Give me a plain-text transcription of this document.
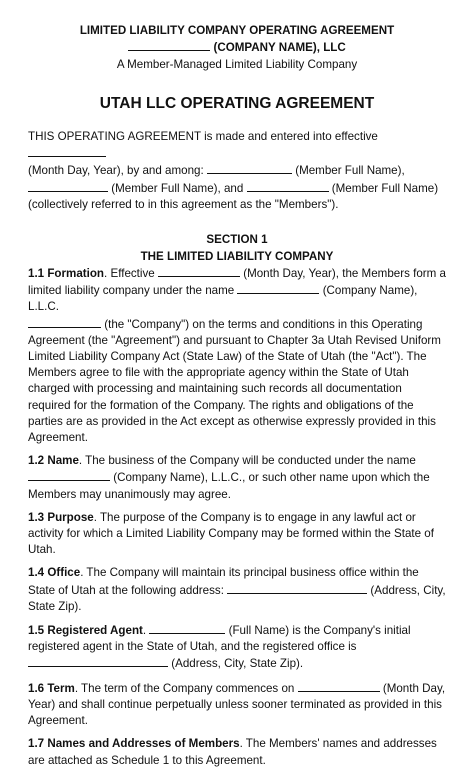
LIMITED LIABILITY COMPANY OPERATING AGREEMENT
(COMPANY NAME), LLC
A Member-Managed Limited Liability Company
UTAH LLC OPERATING AGREEMENT

THIS OPERATING AGREEMENT is made and entered into effective
(Month Day, Year), by and among:	(Member Full Name),
(Member Full Name), and	(Member Full Name)
(collectively referred to in this agreement as the "Members").

SECTION 1
THE LIMITED LIABILITY COMPANY

1.1 Formation. Effective	(Month Day, Year), the Members form a limited liability company under the name	(Company Name), L.L.C.
(the "Company") on the terms and conditions in this Operating Agreement (the "Agreement") and pursuant to Chapter 3a Utah Revised Uniform Limited Liability Company Act (State Law) of the State of Utah (the "Act"). The Members agree to file with the appropriate agency within the State of Utah charged with processing and maintaining such records all documentation required for the formation of the Company. The rights and obligations of the parties are as provided in the Act except as otherwise expressly provided in this Agreement.

1.2 Name. The business of the Company will be conducted under the name
(Company Name), L.L.C., or such other name upon which the Members may unanimously may agree.

1.3 Purpose. The purpose of the Company is to engage in any lawful act or activity for which a Limited Liability Company may be formed within the State of Utah.

1.4 Office. The Company will maintain its principal business office within the State of Utah at the following address:	(Address, City, State Zip).

1.5 Registered Agent.	(Full Name) is the Company's initial registered agent in the State of Utah, and the registered office is
(Address, City, State Zip).

1.6 Term. The term of the Company commences on	(Month Day, Year) and shall continue perpetually unless sooner terminated as provided in this Agreement.

1.7 Names and Addresses of Members. The Members' names and addresses are attached as Schedule 1 to this Agreement.
